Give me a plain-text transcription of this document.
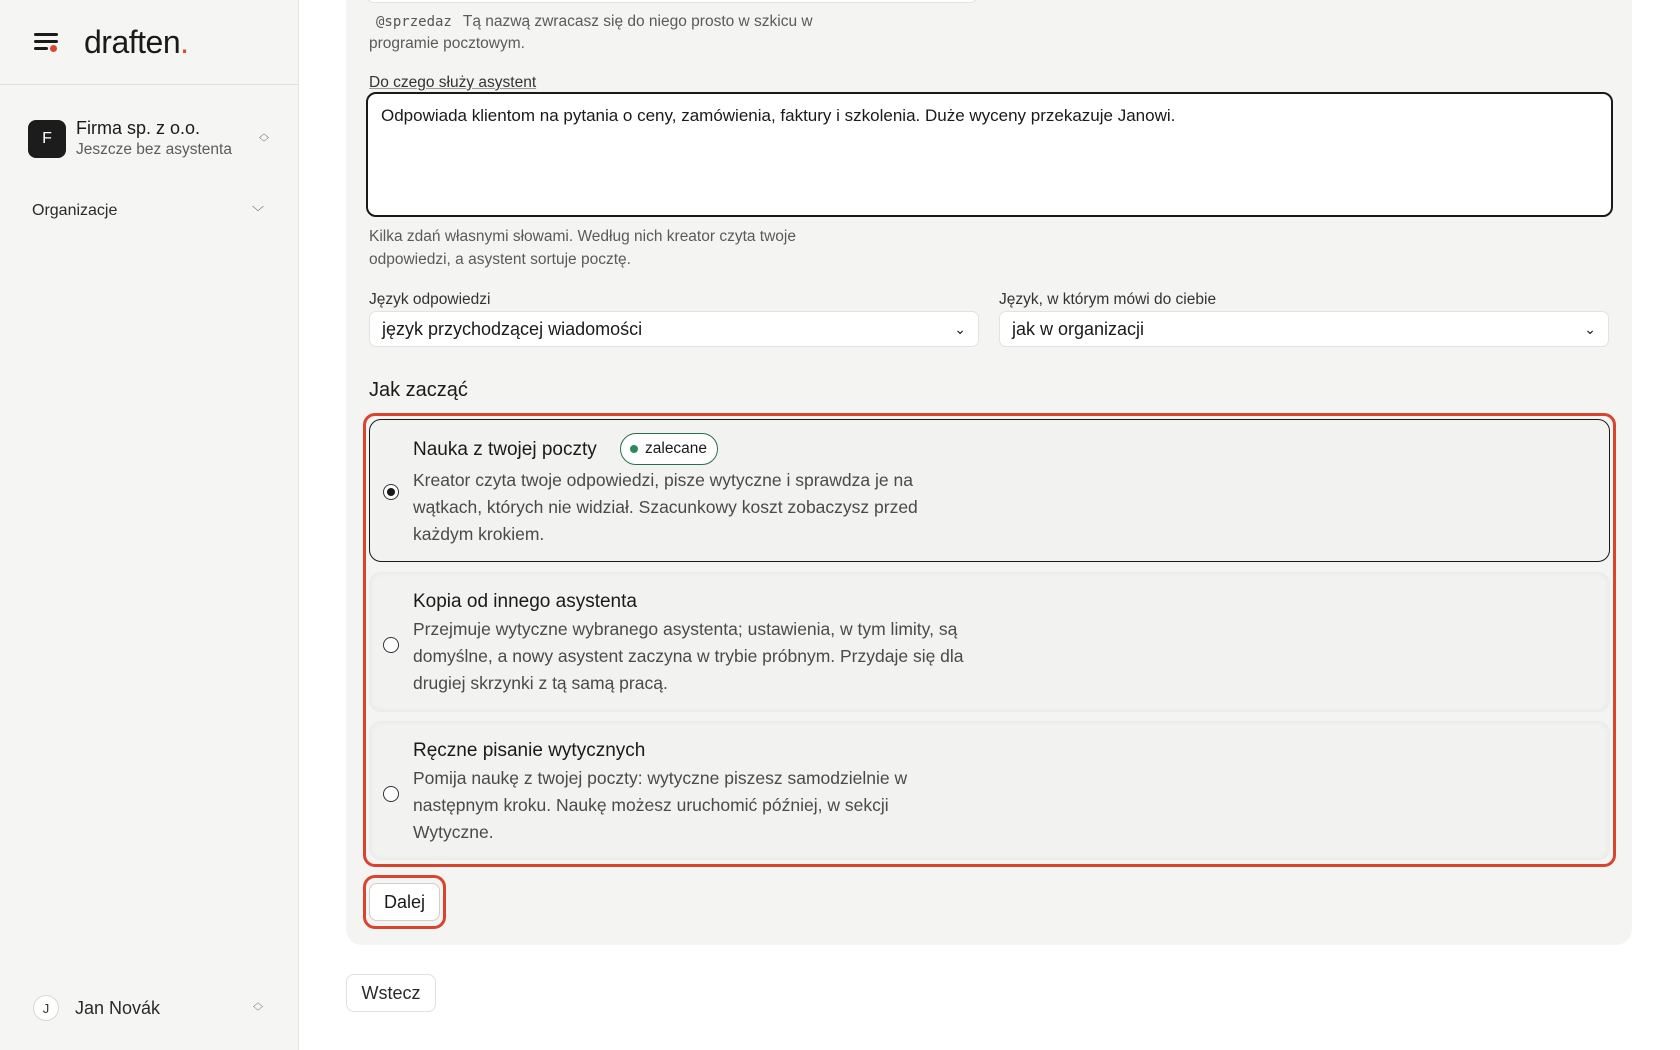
draften.
F
Firma sp. z o.o.
Jeszcze bez asystenta
︿
﹀
Organizacje	﹀
J	Jan Novák	︿
﹀
@sprzedaz Tą nazwą zwracasz się do niego prosto w szkicu w
programie pocztowym.
Do czego służy asystent
Odpowiada klientom na pytania o ceny, zamówienia, faktury i szkolenia. Duże wyceny przekazuje Janowi.
Kilka zdań własnymi słowami. Według nich kreator czyta twoje
odpowiedzi, a asystent sortuje pocztę.
Język odpowiedzi
język przychodzącej wiadomości	⌄
Język, w którym mówi do ciebie
jak w organizacji	⌄
Jak zacząć
Nauka z twojej poczty	zalecane
Kreator czyta twoje odpowiedzi, pisze wytyczne i sprawdza je na
wątkach, których nie widział. Szacunkowy koszt zobaczysz przed
każdym krokiem.
Kopia od innego asystenta
Przejmuje wytyczne wybranego asystenta; ustawienia, w tym limity, są
domyślne, a nowy asystent zaczyna w trybie próbnym. Przydaje się dla
drugiej skrzynki z tą samą pracą.
Ręczne pisanie wytycznych
Pomija naukę z twojej poczty: wytyczne piszesz samodzielnie w
następnym kroku. Naukę możesz uruchomić później, w sekcji
Wytyczne.
Dalej
Wstecz
